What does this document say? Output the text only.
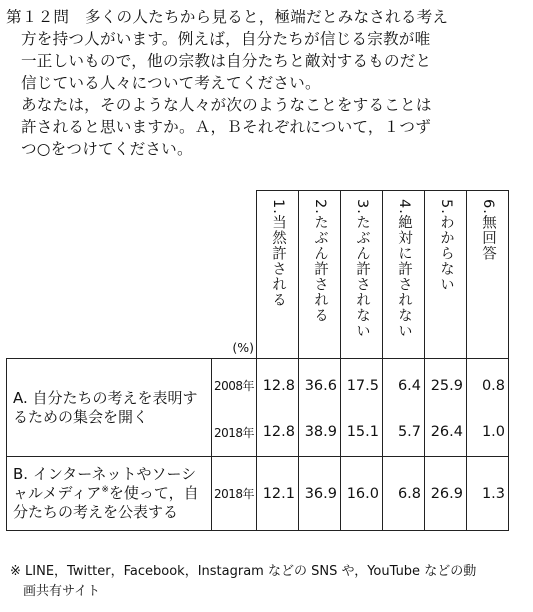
第１２問　多くの人たちから見ると，極端だとみなされる考え
方を持つ人がいます。例えば，自分たちが信じる宗教が唯
一正しいもので，他の宗教は自分たちと敵対するものだと
信じている人々について考えてください。
あなたは，そのような人々が次のようなことをすることは
許されると思いますか。Ａ，Ｂそれぞれについて，１つず
つ○をつけてください。
	(%)	1.当然許される	2.たぶん許される	3.たぶん許されない	4.絶対に許されない	5.わからない	6.無回答
A. 自分たちの考えを表明するための集会を開く	2008年	12.8	36.6	17.5	6.4	25.9	0.8
	2018年	12.8	38.9	15.1	5.7	26.4	1.0
B. インターネットやソーシャルメディア※を使って，自分たちの考えを公表する	2018年	12.1	36.9	16.0	6.8	26.9	1.3
※ LINE，Twitter，Facebook，Instagram などの SNS や，YouTube などの動
画共有サイト
